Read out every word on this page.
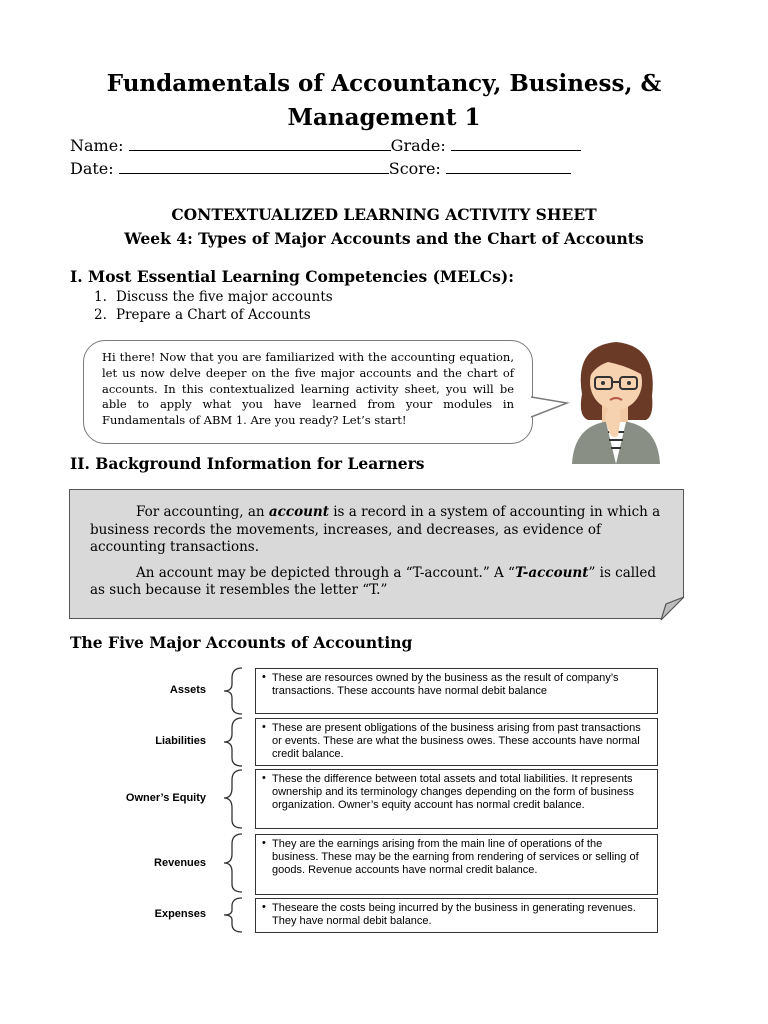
Fundamentals of Accountancy, Business, &
Management 1
Name:	Grade:
Date:	Score:
CONTEXTUALIZED LEARNING ACTIVITY SHEET
Week 4: Types of Major Accounts and the Chart of Accounts
I. Most Essential Learning Competencies (MELCs):
1. Discuss the five major accounts
2. Prepare a Chart of Accounts
Hi there! Now that you are familiarized with the accounting equation, let us now delve deeper on the five major accounts and the chart of accounts. In this contextualized learning activity sheet, you will be able to apply what you have learned from your modules in Fundamentals of ABM 1. Are you ready? Let’s start!
II. Background Information for Learners

For accounting, an account is a record in a system of accounting in which a business records the movements, increases, and decreases, as evidence of accounting transactions.

An account may be depicted through a “T-account.” A “T-account” is called as such because it resembles the letter “T.”

The Five Major Accounts of Accounting
Assets
Liabilities
Owner’s Equity
Revenues
Expenses
• These are resources owned by the business as the result of company’s transactions. These accounts have normal debit balance
• These are present obligations of the business arising from past transactions or events. These are what the business owes. These accounts have normal credit balance.
• These the difference between total assets and total liabilities. It represents ownership and its terminology changes depending on the form of business organization. Owner’s equity account has normal credit balance.
• They are the earnings arising from the main line of operations of the business. These may be the earning from rendering of services or selling of goods. Revenue accounts have normal credit balance.
• Theseare the costs being incurred by the business in generating revenues. They have normal debit balance.
